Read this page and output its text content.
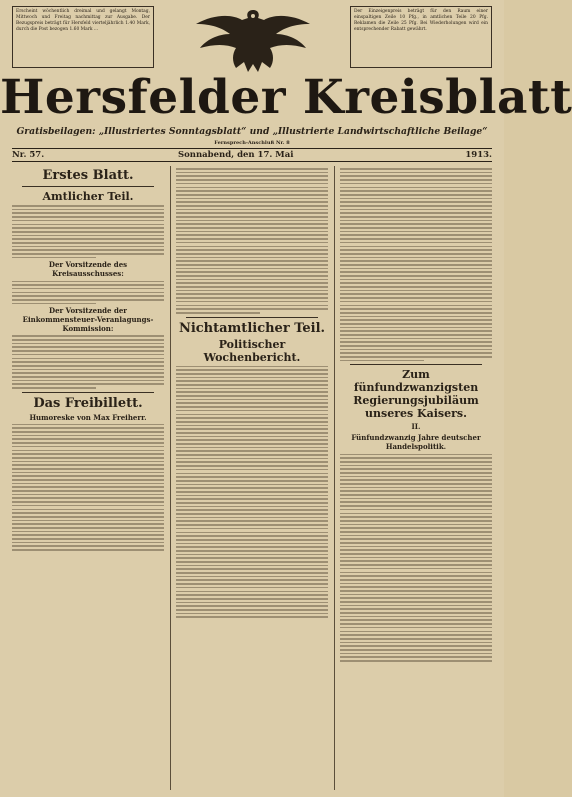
Erscheint wöchentlich dreimal und gelangt Montag, Mittwoch und Freitag nachmittag zur Ausgabe. Der Bezugspreis beträgt für Hersfeld vierteljährlich 1.40 Mark, durch die Post bezogen 1.60 Mark ...
Der Einzeigenpreis beträgt für den Raum einer einspaltigen Zeile 10 Pfg., in amtlichen Teile 20 Pfg. Reklamen die Zeile 25 Pfg. Bei Wiederholungen wird ein entsprechender Rabatt gewährt.
Hersfelder Kreisblatt
Gratisbeilagen: „Illustriertes Sonntagsblatt“ und „Illustrierte Landwirtschaftliche Beilage“
Fernsprech-Anschluß Nr. 8
Nr. 57.	Sonnabend, den 17. Mai	1913.
Erstes Blatt.
Amtlicher Teil.
Der Vorsitzende des Kreisausschusses:
Der Vorsitzende der Einkommensteuer-Veranlagungs-Kommission:
Das Freibillett.
Humoreske von Max Freiherr.
Nichtamtlicher Teil.
Politischer Wochenbericht.
Zum fünfundzwanzigsten Regierungsjubiläum unseres Kaisers.
II.
Fünfundzwanzig Jahre deutscher Handelspolitik.
